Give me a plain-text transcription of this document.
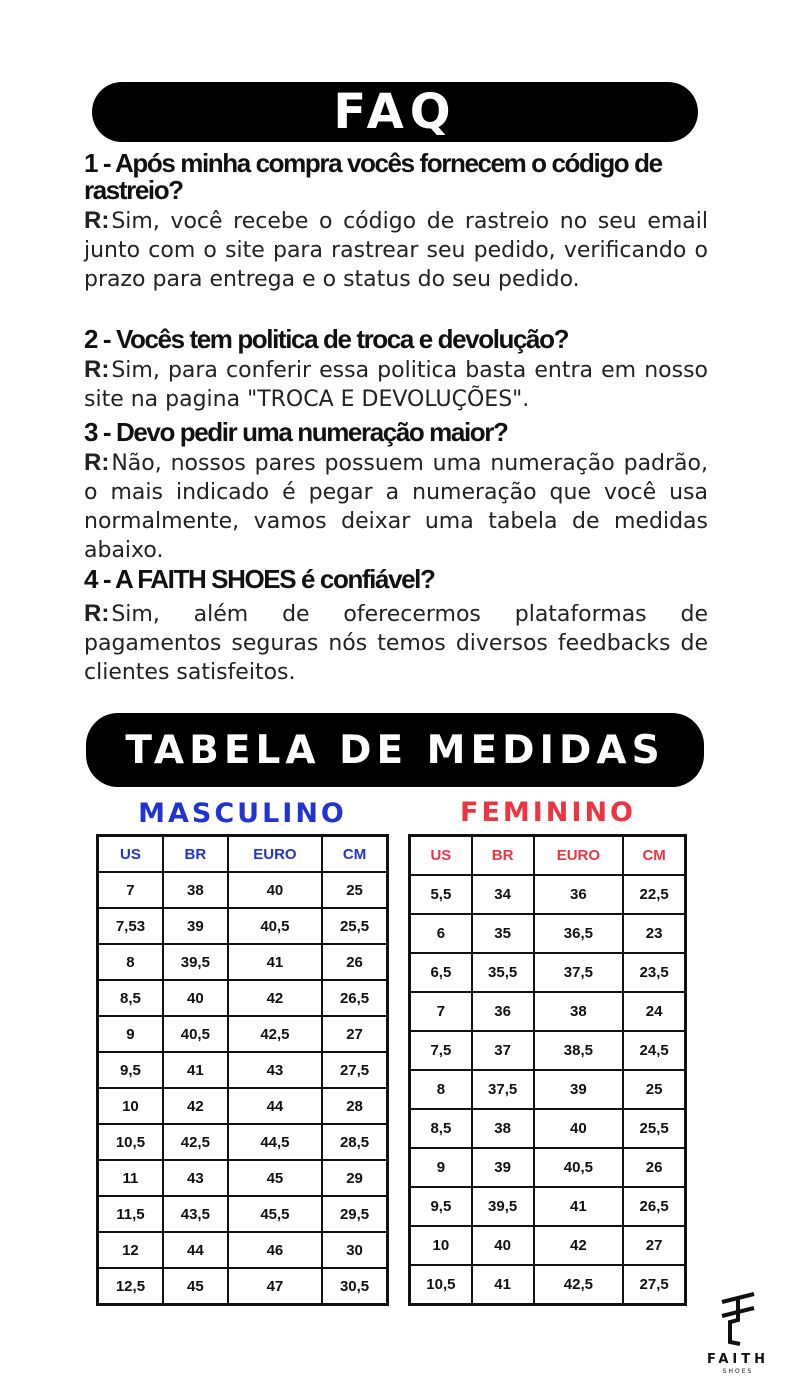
FAQ
1 - Após minha compra vocês fornecem o código de rastreio?
R:Sim, você recebe o código de rastreio no seu email junto com o site para rastrear seu pedido, verificando o prazo para entrega e o status do seu pedido.
2 - Vocês tem politica de troca e devolução?
R:Sim, para conferir essa politica basta entra em nosso site na pagina "TROCA E DEVOLUÇÕES".
3 - Devo pedir uma numeração maior?
R:Não, nossos pares possuem uma numeração padrão, o mais indicado é pegar a numeração que você usa normalmente, vamos deixar uma tabela de medidas abaixo.
4 - A FAITH SHOES é confiável?
R:Sim, além de oferecermos plataformas de pagamentos seguras nós temos diversos feedbacks de clientes satisfeitos.
TABELA DE MEDIDAS
MASCULINO	FEMININO
US	BR	EURO	CM
7	38	40	25
7,53	39	40,5	25,5
8	39,5	41	26
8,5	40	42	26,5
9	40,5	42,5	27
9,5	41	43	27,5
10	42	44	28
10,5	42,5	44,5	28,5
11	43	45	29
11,5	43,5	45,5	29,5
12	44	46	30
12,5	45	47	30,5
US	BR	EURO	CM
5,5	34	36	22,5
6	35	36,5	23
6,5	35,5	37,5	23,5
7	36	38	24
7,5	37	38,5	24,5
8	37,5	39	25
8,5	38	40	25,5
9	39	40,5	26
9,5	39,5	41	26,5
10	40	42	27
10,5	41	42,5	27,5
FAITH
SHOES
